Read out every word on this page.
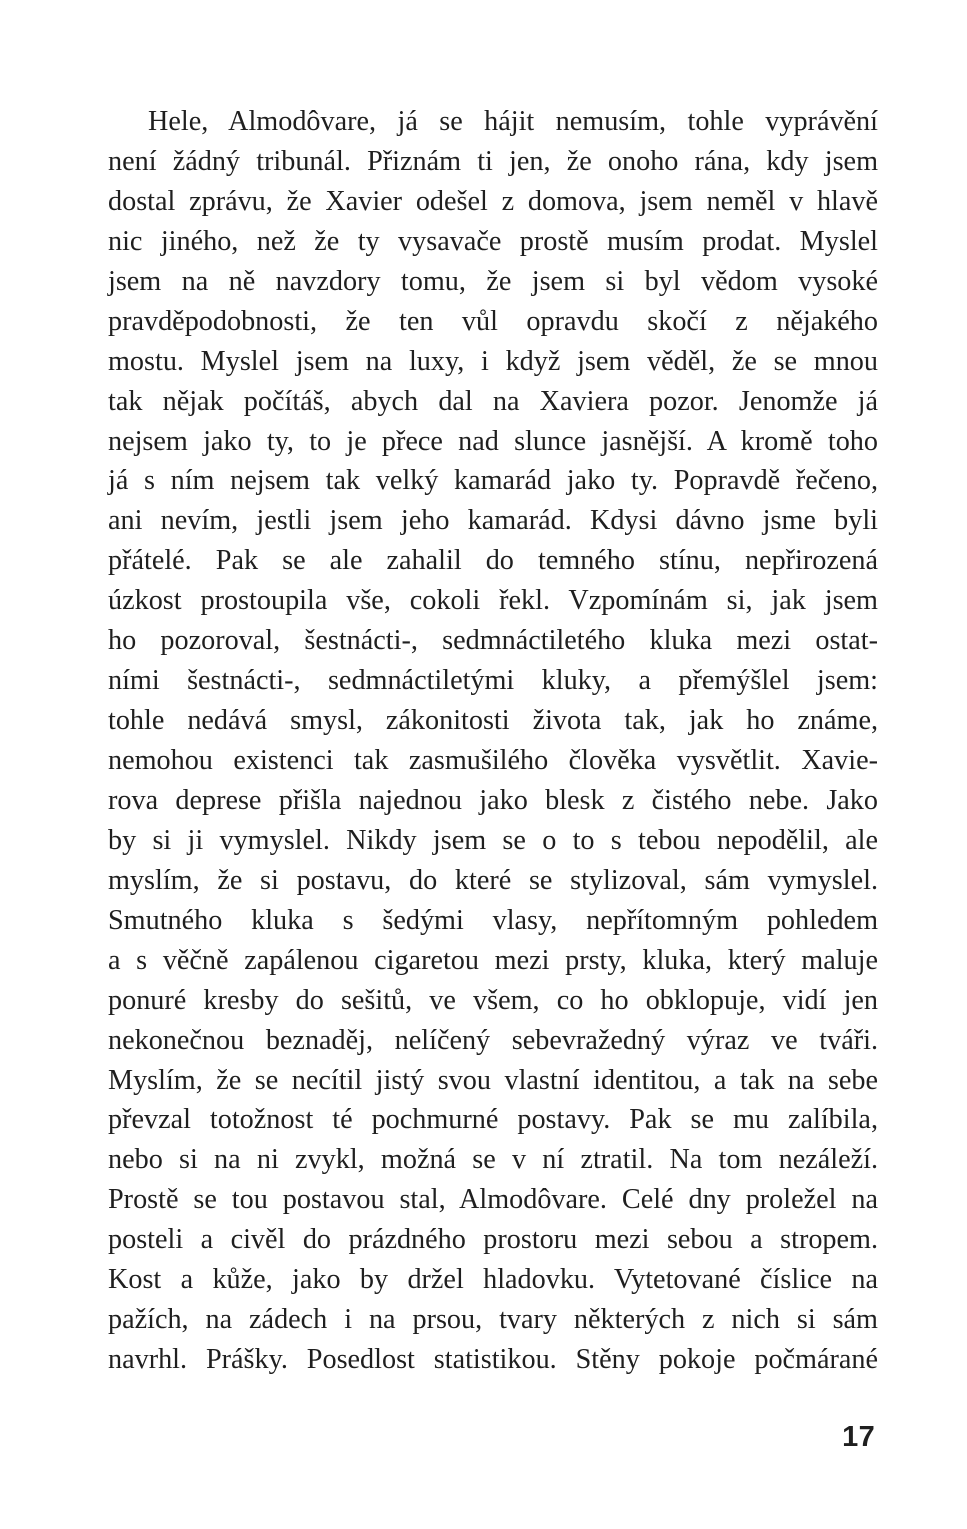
Hele, Almodôvare, já se hájit nemusím, tohle vyprávění
není žádný tribunál. Přiznám ti jen, že onoho rána, kdy jsem
dostal zprávu, že Xavier odešel z domova, jsem neměl v hlavě
nic jiného, než že ty vysavače prostě musím prodat. Myslel
jsem na ně navzdory tomu, že jsem si byl vědom vysoké
pravděpodobnosti, že ten vůl opravdu skočí z nějakého
mostu. Myslel jsem na luxy, i když jsem věděl, že se mnou
tak nějak počítáš, abych dal na Xaviera pozor. Jenomže já
nejsem jako ty, to je přece nad slunce jasnější. A kromě toho
já s ním nejsem tak velký kamarád jako ty. Popravdě řečeno,
ani nevím, jestli jsem jeho kamarád. Kdysi dávno jsme byli
přátelé. Pak se ale zahalil do temného stínu, nepřirozená
úzkost prostoupila vše, cokoli řekl. Vzpomínám si, jak jsem
ho pozoroval, šestnácti-, sedmnáctiletého kluka mezi ostat-
ními šestnácti-, sedmnáctiletými kluky, a přemýšlel jsem:
tohle nedává smysl, zákonitosti života tak, jak ho známe,
nemohou existenci tak zasmušilého člověka vysvětlit. Xavie-
rova deprese přišla najednou jako blesk z čistého nebe. Jako
by si ji vymyslel. Nikdy jsem se o to s tebou nepodělil, ale
myslím, že si postavu, do které se stylizoval, sám vymyslel.
Smutného kluka s šedými vlasy, nepřítomným pohledem
a s věčně zapálenou cigaretou mezi prsty, kluka, který maluje
ponuré kresby do sešitů, ve všem, co ho obklopuje, vidí jen
nekonečnou beznaděj, nelíčený sebevražedný výraz ve tváři.
Myslím, že se necítil jistý svou vlastní identitou, a tak na sebe
převzal totožnost té pochmurné postavy. Pak se mu zalíbila,
nebo si na ni zvykl, možná se v ní ztratil. Na tom nezáleží.
Prostě se tou postavou stal, Almodôvare. Celé dny proležel na
posteli a civěl do prázdného prostoru mezi sebou a stropem.
Kost a kůže, jako by držel hladovku. Vytetované číslice na
pažích, na zádech i na prsou, tvary některých z nich si sám
navrhl. Prášky. Posedlost statistikou. Stěny pokoje počmárané
17
